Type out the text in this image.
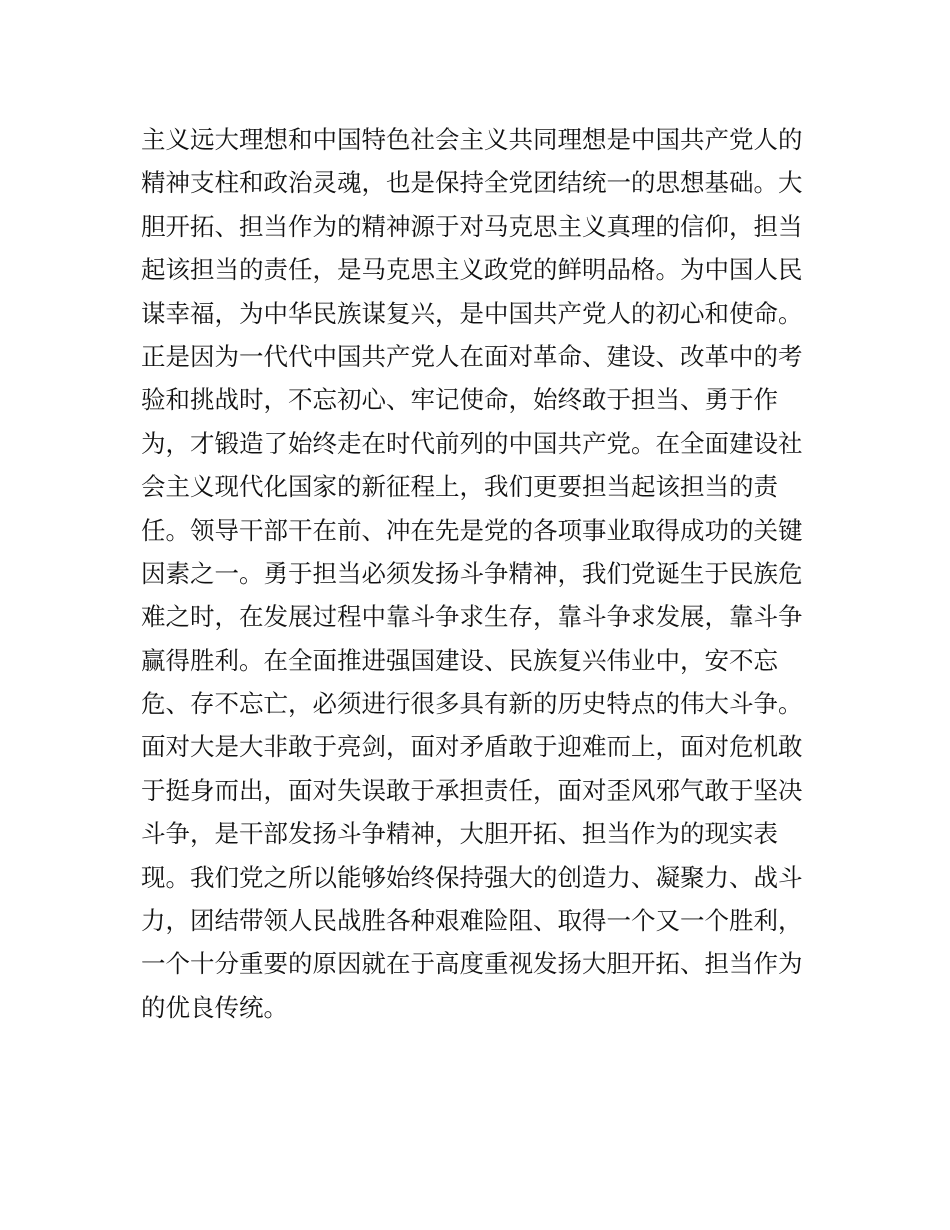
主义远大理想和中国特色社会主义共同理想是中国共产党人的
精神支柱和政治灵魂，也是保持全党团结统一的思想基础。大
胆开拓、担当作为的精神源于对马克思主义真理的信仰，担当
起该担当的责任，是马克思主义政党的鲜明品格。为中国人民
谋幸福，为中华民族谋复兴，是中国共产党人的初心和使命。
正是因为一代代中国共产党人在面对革命、建设、改革中的考
验和挑战时，不忘初心、牢记使命，始终敢于担当、勇于作
为，才锻造了始终走在时代前列的中国共产党。在全面建设社
会主义现代化国家的新征程上，我们更要担当起该担当的责
任。领导干部干在前、冲在先是党的各项事业取得成功的关键
因素之一。勇于担当必须发扬斗争精神，我们党诞生于民族危
难之时，在发展过程中靠斗争求生存，靠斗争求发展，靠斗争
赢得胜利。在全面推进强国建设、民族复兴伟业中，安不忘
危、存不忘亡，必须进行很多具有新的历史特点的伟大斗争。
面对大是大非敢于亮剑，面对矛盾敢于迎难而上，面对危机敢
于挺身而出，面对失误敢于承担责任，面对歪风邪气敢于坚决
斗争，是干部发扬斗争精神，大胆开拓、担当作为的现实表
现。我们党之所以能够始终保持强大的创造力、凝聚力、战斗
力，团结带领人民战胜各种艰难险阻、取得一个又一个胜利，
一个十分重要的原因就在于高度重视发扬大胆开拓、担当作为
的优良传统。
